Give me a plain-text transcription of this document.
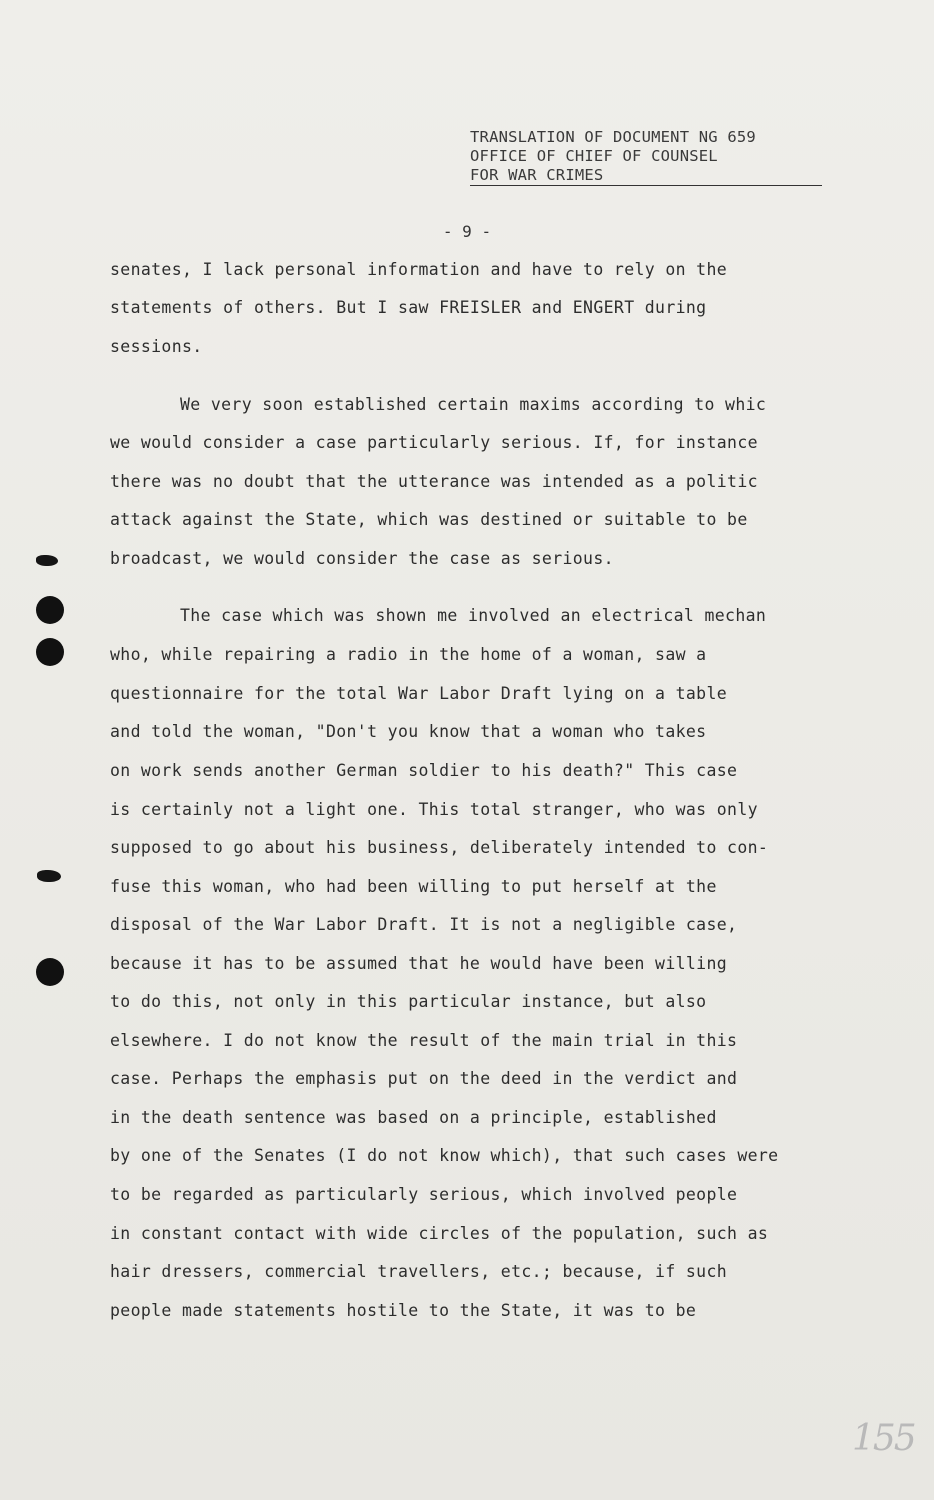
TRANSLATION OF DOCUMENT NG 659
OFFICE OF CHIEF OF COUNSEL
FOR WAR CRIMES
- 9 -
senates, I lack personal information and have to rely on the
statements of others. But I saw FREISLER and ENGERT during
sessions.
We very soon established certain maxims according to whic
we would consider a case particularly serious. If, for instance
there was no doubt that the utterance was intended as a politic
attack against the State, which was destined or suitable to be
broadcast, we would consider the case as serious.
The case which was shown me involved an electrical mechan
who, while repairing a radio in the home of a woman, saw a
questionnaire for the total War Labor Draft lying on a table
and told the woman, "Don't you know that a woman who takes
on work sends another German soldier to his death?" This case
is certainly not a light one. This total stranger, who was only
supposed to go about his business, deliberately intended to con-
fuse this woman, who had been willing to put herself at the
disposal of the War Labor Draft. It is not a negligible case,
because it has to be assumed that he would have been willing
to do this, not only in this particular instance, but also
elsewhere. I do not know the result of the main trial in this
case. Perhaps the emphasis put on the deed in the verdict and
in the death sentence was based on a principle, established
by one of the Senates (I do not know which), that such cases were
to be regarded as particularly serious, which involved people
in constant contact with wide circles of the population, such as
hair dressers, commercial travellers, etc.; because, if such
people made statements hostile to the State, it was to be
155
